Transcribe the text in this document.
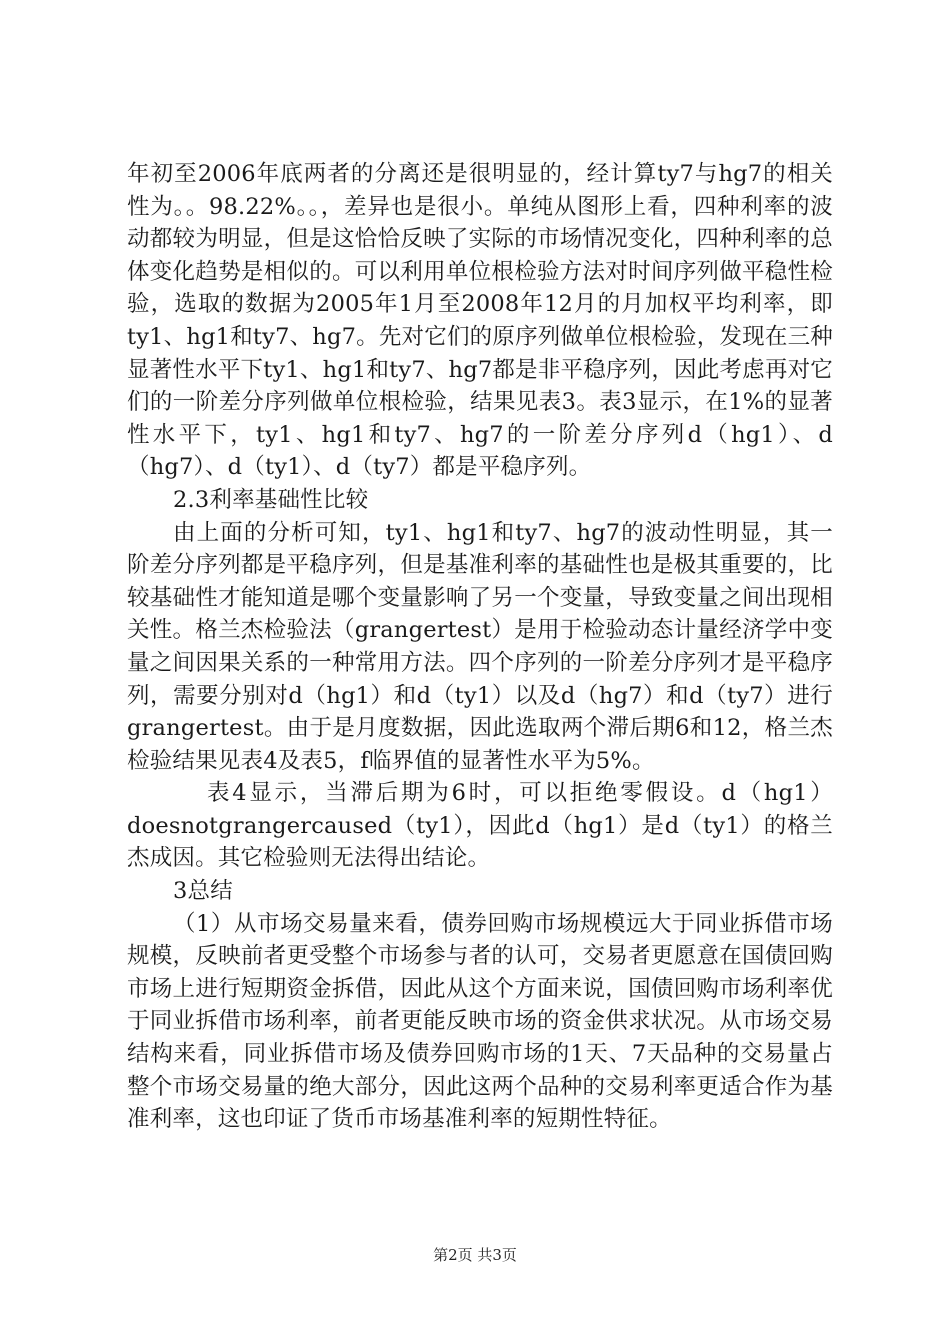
年初至2006年底两者的分离还是很明显的，经计算ty7与hg7的相关性为。。98.22%。。，差异也是很小。单纯从图形上看，四种利率的波动都较为明显，但是这恰恰反映了实际的市场情况变化，四种利率的总体变化趋势是相似的。可以利用单位根检验方法对时间序列做平稳性检验，选取的数据为2005年1月至2008年12月的月加权平均利率，即ty1、hg1和ty7、hg7。先对它们的原序列做单位根检验，发现在三种显著性水平下ty1、hg1和ty7、hg7都是非平稳序列，因此考虑再对它们的一阶差分序列做单位根检验，结果见表3。表3显示，在1%的显著性水平下，ty1、hg1和ty7、hg7的一阶差分序列d（hg1）、d（hg7）、d（ty1）、d（ty7）都是平稳序列。

2.3利率基础性比较

由上面的分析可知，ty1、hg1和ty7、hg7的波动性明显，其一阶差分序列都是平稳序列，但是基准利率的基础性也是极其重要的，比较基础性才能知道是哪个变量影响了另一个变量，导致变量之间出现相关性。格兰杰检验法（grangertest）是用于检验动态计量经济学中变量之间因果关系的一种常用方法。四个序列的一阶差分序列才是平稳序列，需要分别对d（hg1）和d（ty1）以及d（hg7）和d（ty7）进行grangertest。由于是月度数据，因此选取两个滞后期6和12，格兰杰检验结果见表4及表5，f临界值的显著性水平为5%。

表4显示，当滞后期为6时，可以拒绝零假设。d（hg1）doesnotgrangercaused（ty1），因此d（hg1）是d（ty1）的格兰杰成因。其它检验则无法得出结论。

3总结

（1）从市场交易量来看，债券回购市场规模远大于同业拆借市场规模，反映前者更受整个市场参与者的认可，交易者更愿意在国债回购市场上进行短期资金拆借，因此从这个方面来说，国债回购市场利率优于同业拆借市场利率，前者更能反映市场的资金供求状况。从市场交易结构来看，同业拆借市场及债券回购市场的1天、7天品种的交易量占整个市场交易量的绝大部分，因此这两个品种的交易利率更适合作为基准利率，这也印证了货币市场基准利率的短期性特征。

第2页 共3页
